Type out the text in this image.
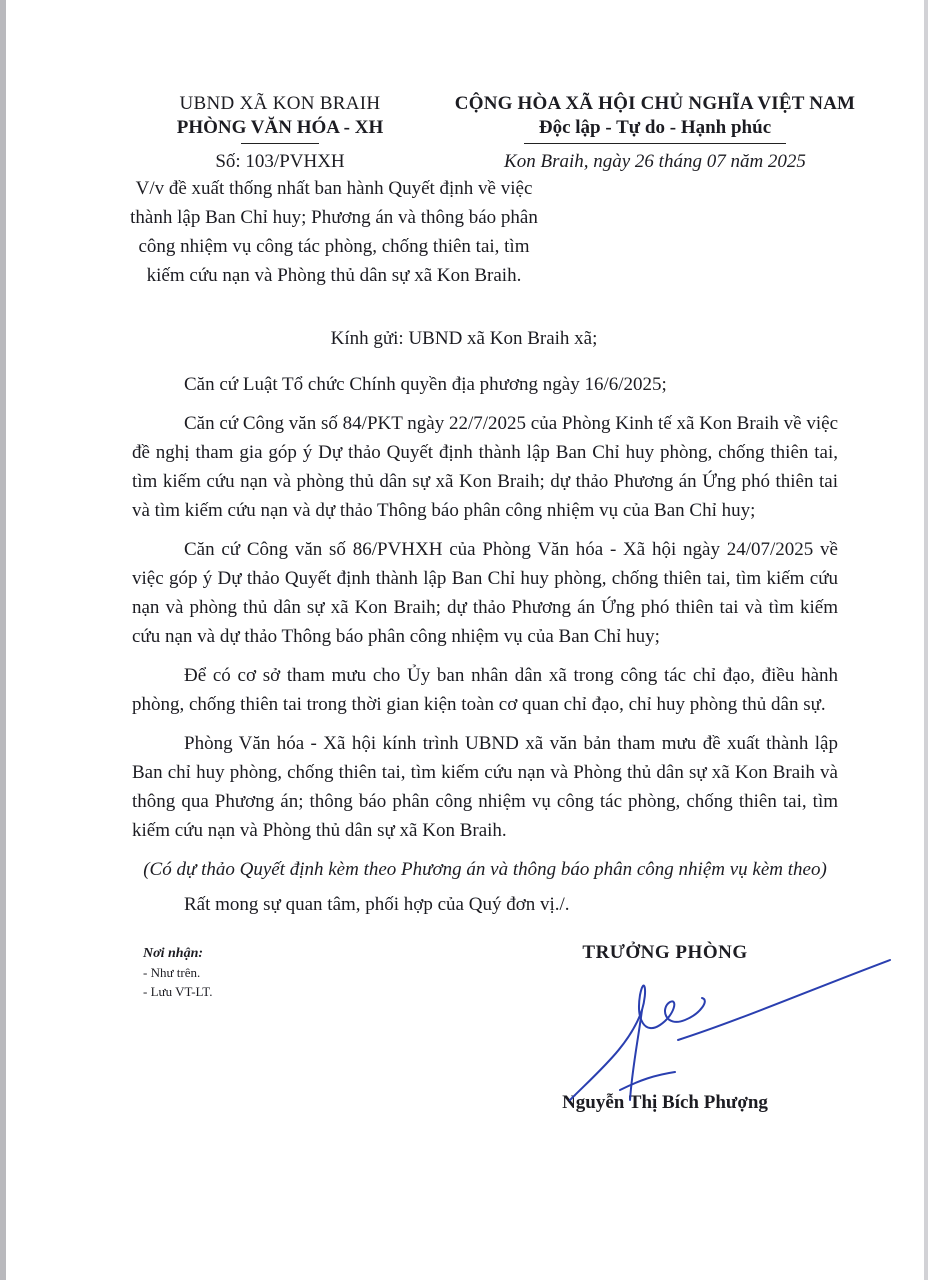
UBND XÃ KON BRAIH
PHÒNG VĂN HÓA - XH
Số: 103/PVHXH
CỘNG HÒA XÃ HỘI CHỦ NGHĨA VIỆT NAM
Độc lập - Tự do - Hạnh phúc
Kon Braih, ngày 26 tháng 07 năm 2025
V/v đề xuất thống nhất ban hành Quyết định về việc thành lập Ban Chỉ huy; Phương án và thông báo phân công nhiệm vụ công tác phòng, chống thiên tai, tìm kiếm cứu nạn và Phòng thủ dân sự xã Kon Braih.
Kính gửi: UBND xã Kon Braih xã;

Căn cứ Luật Tổ chức Chính quyền địa phương ngày 16/6/2025;

Căn cứ Công văn số 84/PKT ngày 22/7/2025 của Phòng Kinh tế xã Kon Braih về việc đề nghị tham gia góp ý Dự thảo Quyết định thành lập Ban Chỉ huy phòng, chống thiên tai, tìm kiếm cứu nạn và phòng thủ dân sự xã Kon Braih; dự thảo Phương án Ứng phó thiên tai và tìm kiếm cứu nạn và dự thảo Thông báo phân công nhiệm vụ của Ban Chỉ huy;

Căn cứ Công văn số 86/PVHXH của Phòng Văn hóa - Xã hội ngày 24/07/2025 về việc góp ý Dự thảo Quyết định thành lập Ban Chỉ huy phòng, chống thiên tai, tìm kiếm cứu nạn và phòng thủ dân sự xã Kon Braih; dự thảo Phương án Ứng phó thiên tai và tìm kiếm cứu nạn và dự thảo Thông báo phân công nhiệm vụ của Ban Chỉ huy;

Để có cơ sở tham mưu cho Ủy ban nhân dân xã trong công tác chỉ đạo, điều hành phòng, chống thiên tai trong thời gian kiện toàn cơ quan chỉ đạo, chỉ huy phòng thủ dân sự.

Phòng Văn hóa - Xã hội kính trình UBND xã văn bản tham mưu đề xuất thành lập Ban chỉ huy phòng, chống thiên tai, tìm kiếm cứu nạn và Phòng thủ dân sự xã Kon Braih và thông qua Phương án; thông báo phân công nhiệm vụ công tác phòng, chống thiên tai, tìm kiếm cứu nạn và Phòng thủ dân sự xã Kon Braih.

(Có dự thảo Quyết định kèm theo Phương án và thông báo phân công nhiệm vụ kèm theo)

Rất mong sự quan tâm, phối hợp của Quý đơn vị./.

Nơi nhận:
- Như trên.
- Lưu VT-LT.
TRƯỞNG PHÒNG
Nguyễn Thị Bích Phượng
